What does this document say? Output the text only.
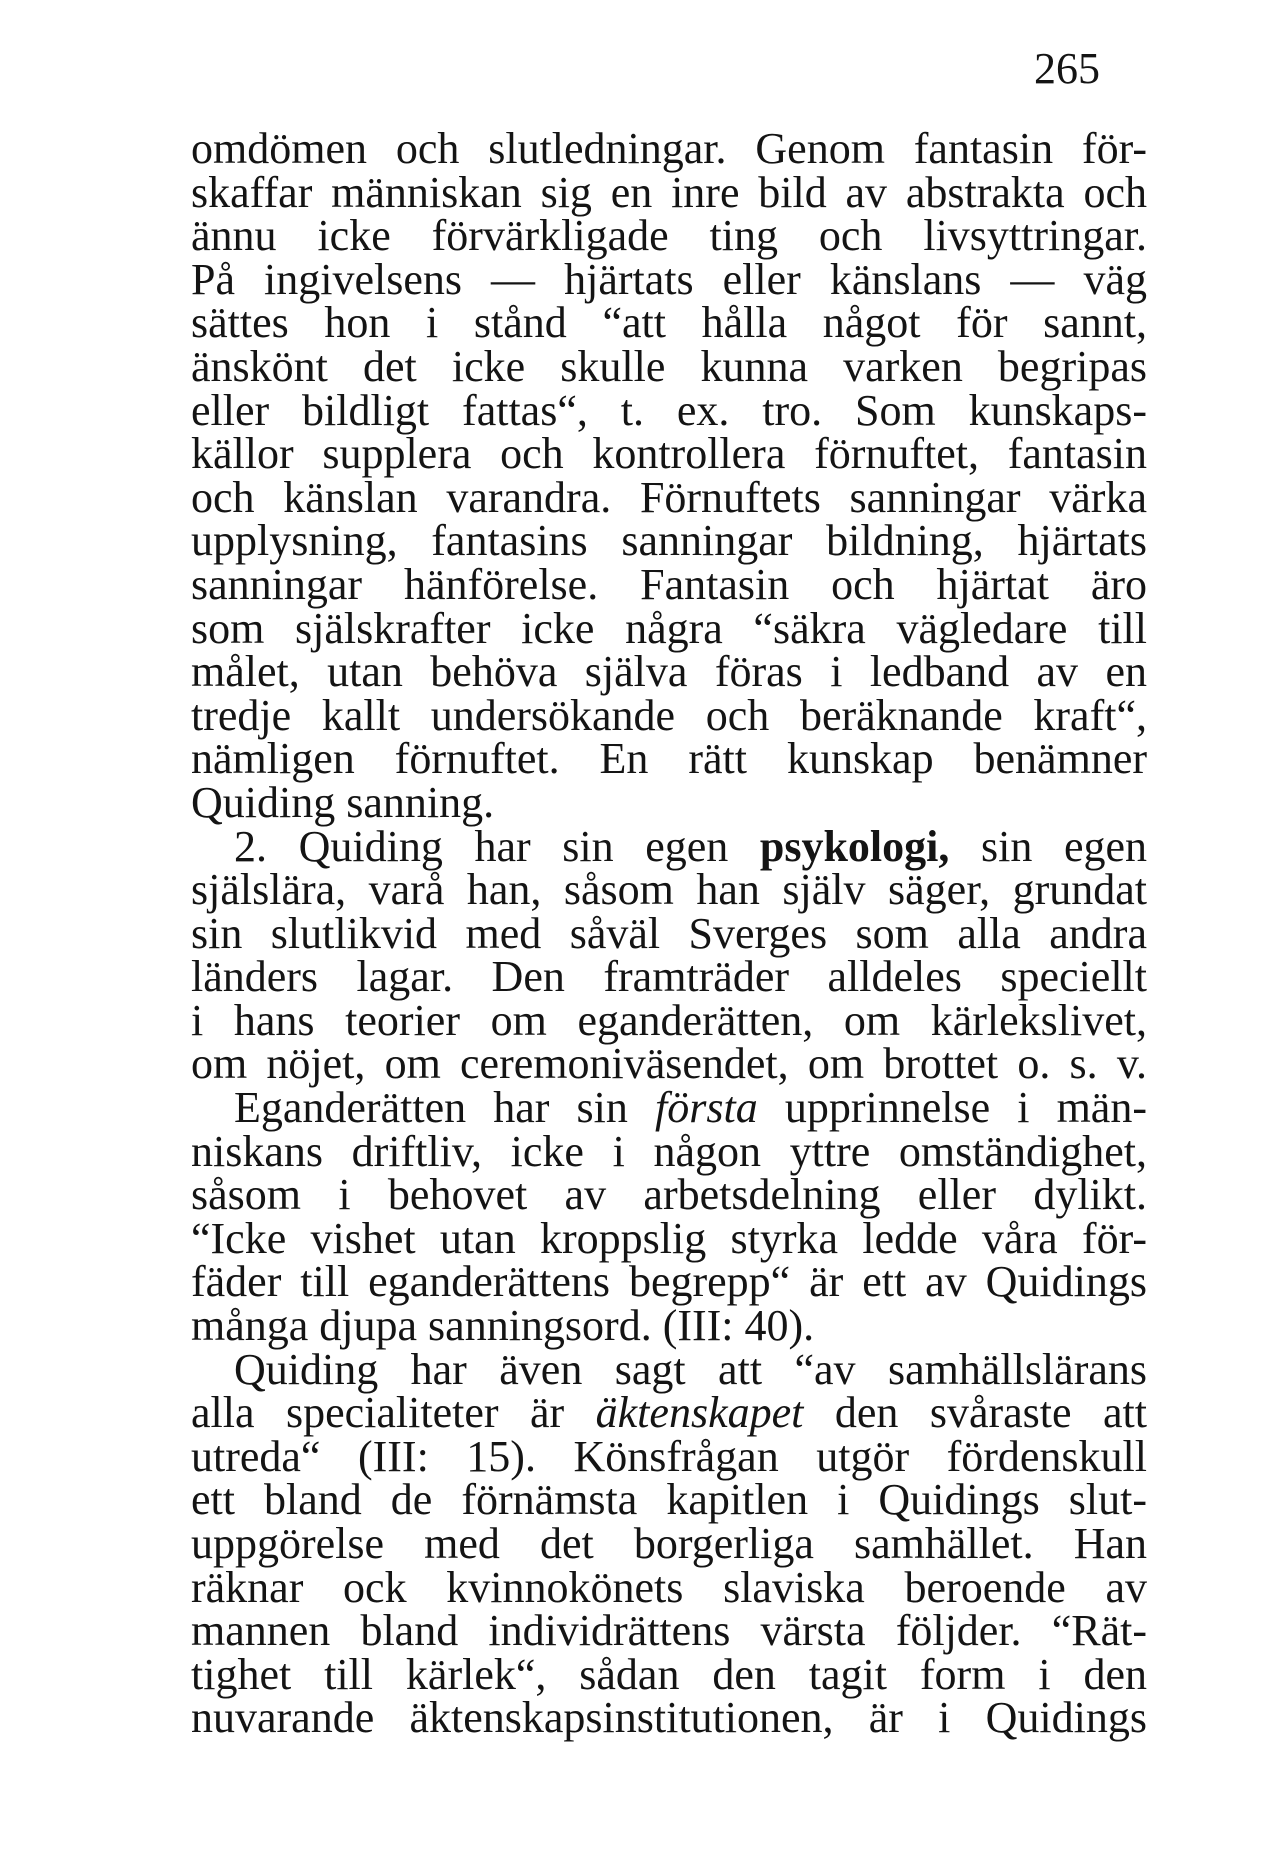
265
omdömen och slutledningar. Genom fantasin för-
skaffar människan sig en inre bild av abstrakta och
ännu icke förvärkligade ting och livsyttringar.
På ingivelsens — hjärtats eller känslans — väg
sättes hon i stånd “att hålla något för sannt,
änskönt det icke skulle kunna varken begripas
eller bildligt fattas“, t. ex. tro. Som kunskaps-
källor supplera och kontrollera förnuftet, fantasin
och känslan varandra. Förnuftets sanningar värka
upplysning, fantasins sanningar bildning, hjärtats
sanningar hänförelse. Fantasin och hjärtat äro
som själskrafter icke några “säkra vägledare till
målet, utan behöva själva föras i ledband av en
tredje kallt undersökande och beräknande kraft“,
nämligen förnuftet. En rätt kunskap benämner
Quiding sanning.
2. Quiding har sin egen psykologi, sin egen
själslära, varå han, såsom han själv säger, grundat
sin slutlikvid med såväl Sverges som alla andra
länders lagar. Den framträder alldeles speciellt
i hans teorier om eganderätten, om kärlekslivet,
om nöjet, om ceremoniväsendet, om brottet o. s. v.
Eganderätten har sin första upprinnelse i män-
niskans driftliv, icke i någon yttre omständighet,
såsom i behovet av arbetsdelning eller dylikt.
“Icke vishet utan kroppslig styrka ledde våra för-
fäder till eganderättens begrepp“ är ett av Quidings
många djupa sanningsord. (III: 40).
Quiding har även sagt att “av samhällslärans
alla specialiteter är äktenskapet den svåraste att
utreda“ (III: 15). Könsfrågan utgör fördenskull
ett bland de förnämsta kapitlen i Quidings slut-
uppgörelse med det borgerliga samhället. Han
räknar ock kvinnokönets slaviska beroende av
mannen bland individrättens värsta följder. “Rät-
tighet till kärlek“, sådan den tagit form i den
nuvarande äktenskapsinstitutionen, är i Quidings
